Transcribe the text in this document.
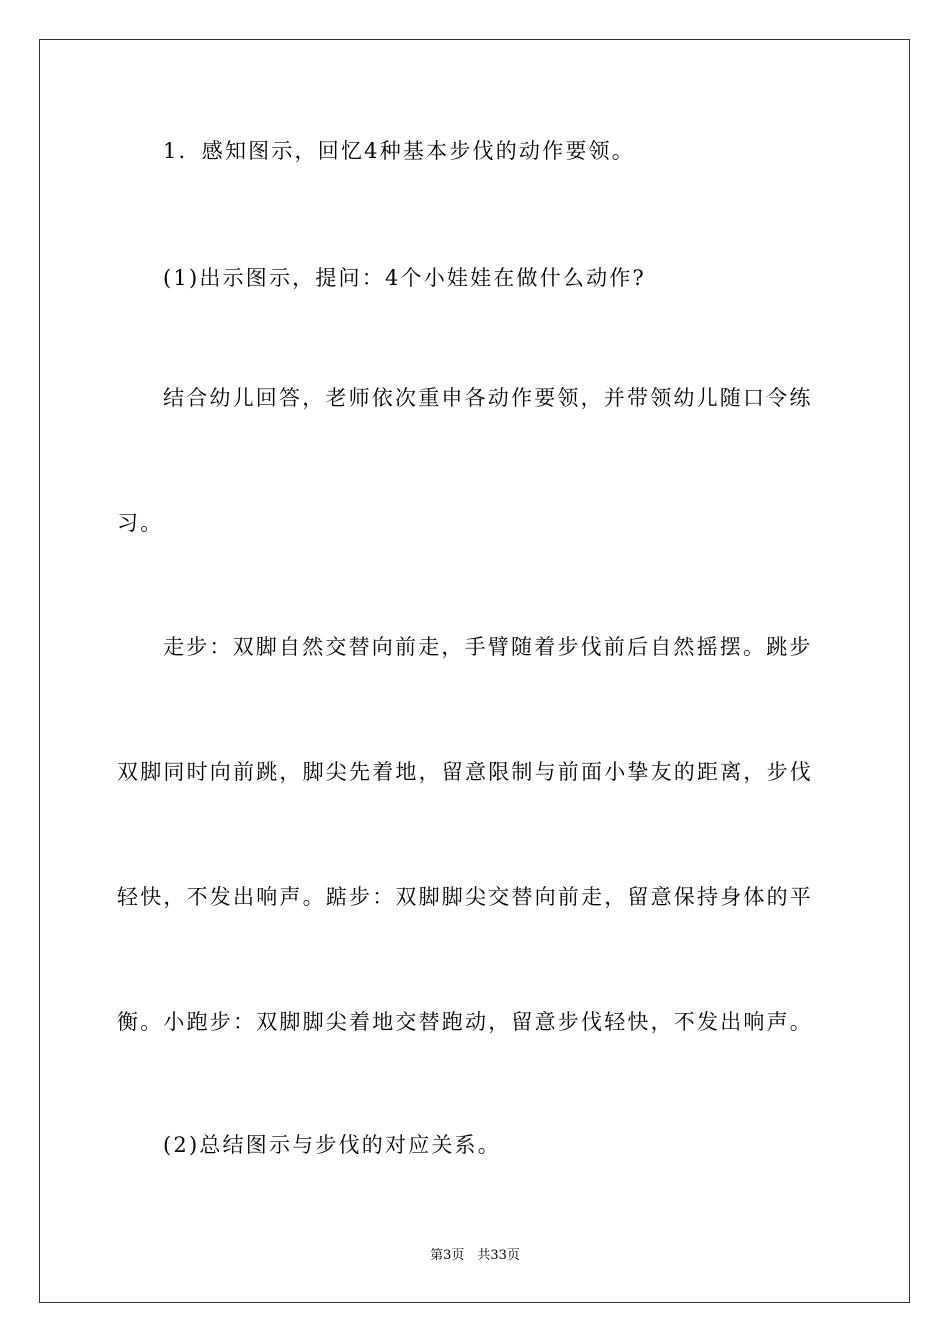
1．感知图示，回忆4种基本步伐的动作要领。
(1)出示图示，提问：4个小娃娃在做什么动作?
结合幼儿回答，老师依次重申各动作要领，并带领幼儿随口令练
习。
走步：双脚自然交替向前走，手臂随着步伐前后自然摇摆。跳步
双脚同时向前跳，脚尖先着地，留意限制与前面小挚友的距离，步伐
轻快，不发出响声。踮步：双脚脚尖交替向前走，留意保持身体的平
衡。小跑步：双脚脚尖着地交替跑动，留意步伐轻快，不发出响声。
(2)总结图示与步伐的对应关系。
第3页　共33页
